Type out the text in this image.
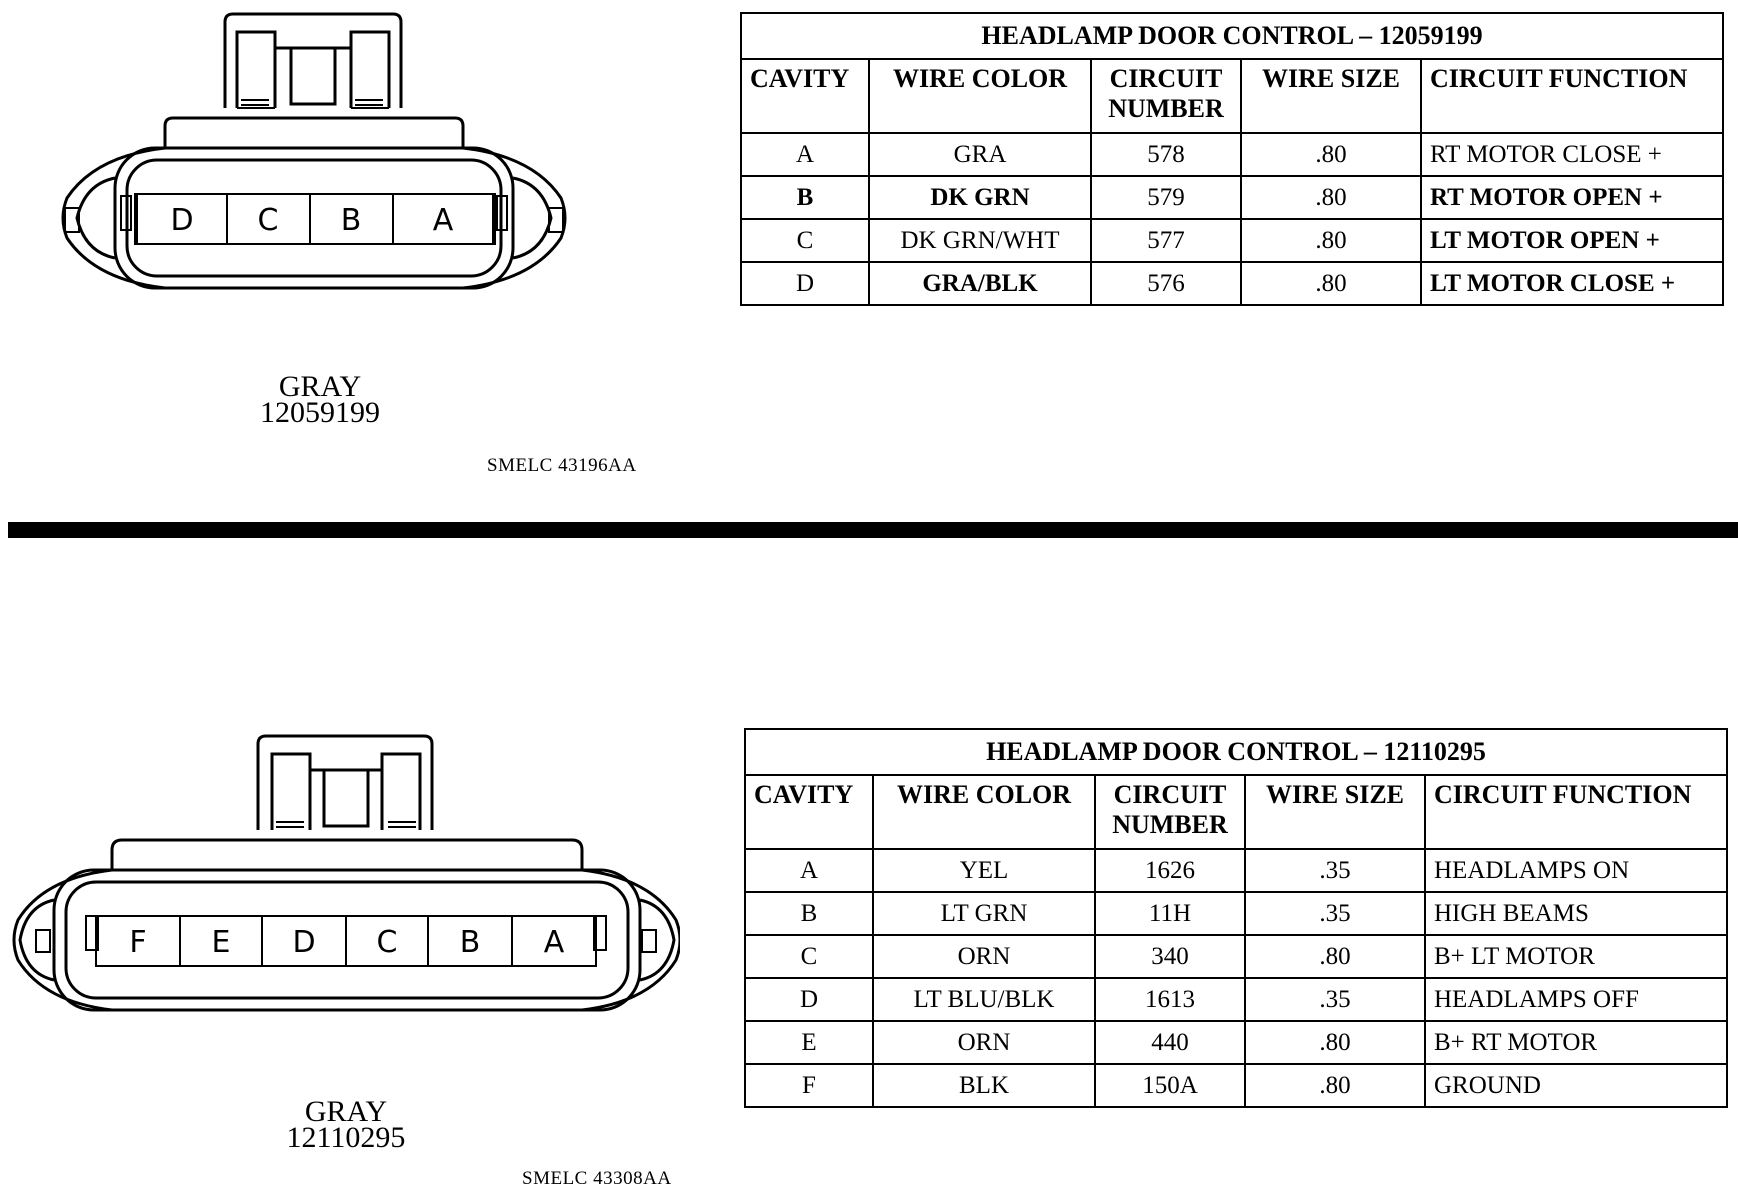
D C B A
GRAY
12059199
SMELC 43196AA
HEADLAMP DOOR CONTROL – 12059199				
CAVITY	WIRE COLOR	CIRCUIT NUMBER	WIRE SIZE	CIRCUIT FUNCTION
A	GRA	578	.80	RT MOTOR CLOSE +
B	DK GRN	579	.80	RT MOTOR OPEN +
C	DK GRN/WHT	577	.80	LT MOTOR OPEN +
D	GRA/BLK	576	.80	LT MOTOR CLOSE +
F E D C B A
GRAY
12110295
SMELC 43308AA
HEADLAMP DOOR CONTROL – 12110295				
CAVITY	WIRE COLOR	CIRCUIT NUMBER	WIRE SIZE	CIRCUIT FUNCTION
A	YEL	1626	.35	HEADLAMPS ON
B	LT GRN	11H	.35	HIGH BEAMS
C	ORN	340	.80	B+ LT MOTOR
D	LT BLU/BLK	1613	.35	HEADLAMPS OFF
E	ORN	440	.80	B+ RT MOTOR
F	BLK	150A	.80	GROUND
